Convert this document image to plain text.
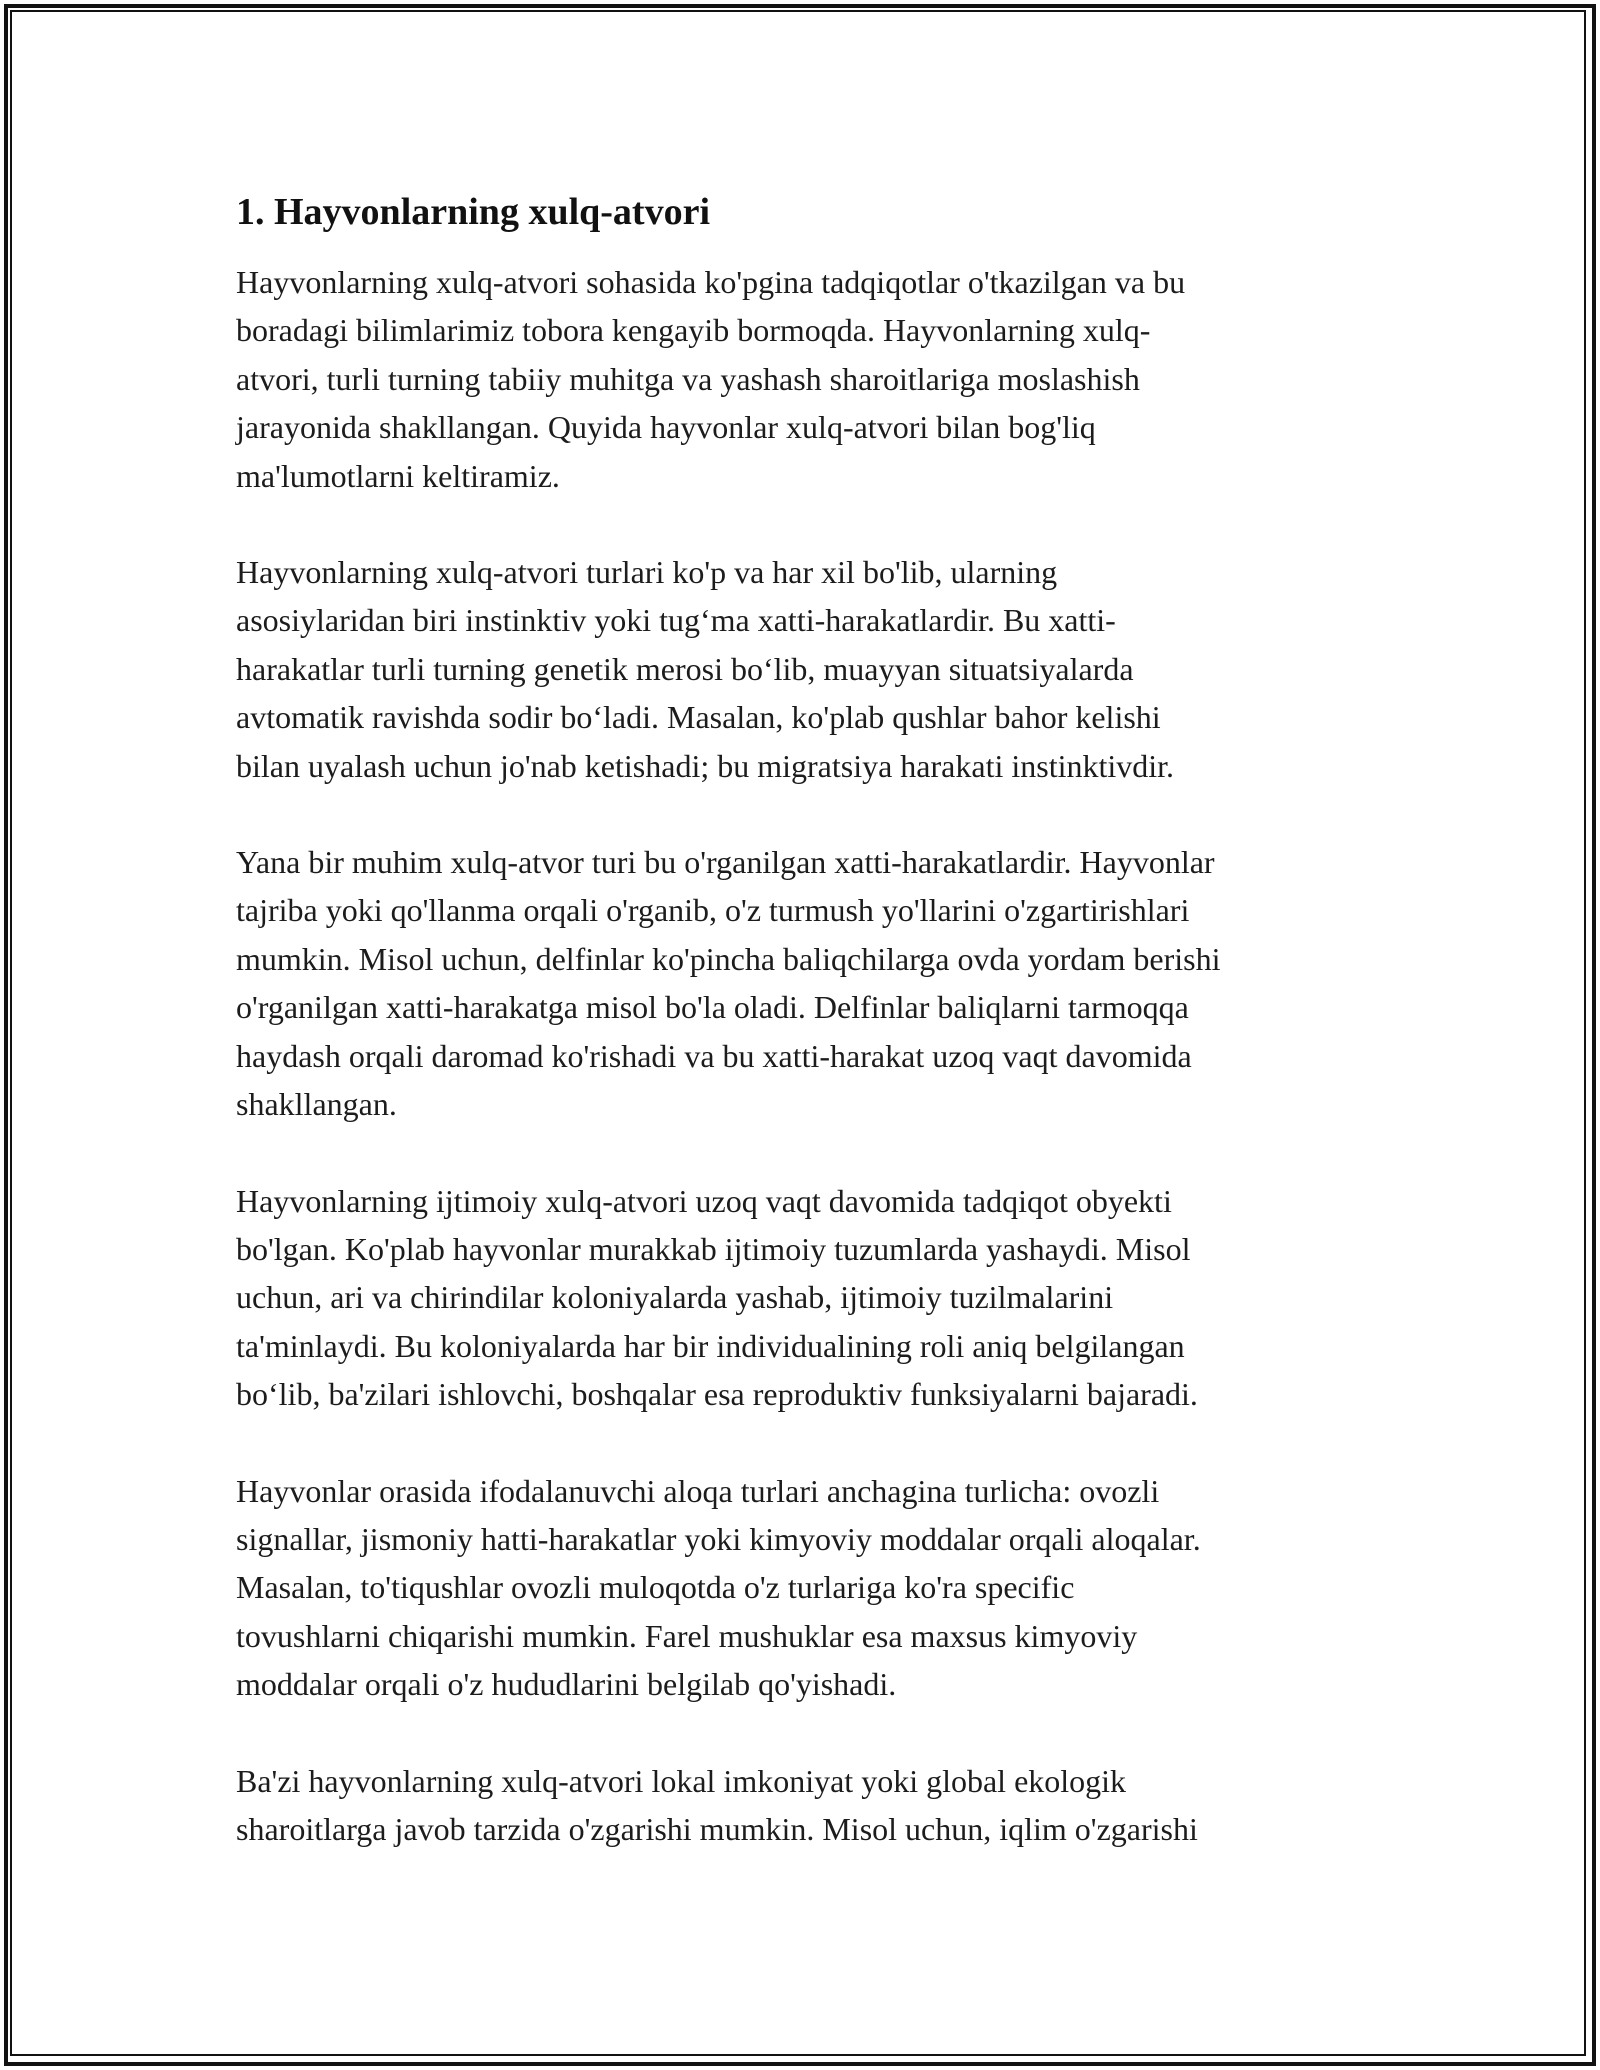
1. Hayvonlarning xulq-atvori
Hayvonlarning xulq-atvori sohasida ko'pgina tadqiqotlar o'tkazilgan va bu
boradagi bilimlarimiz tobora kengayib bormoqda. Hayvonlarning xulq-
atvori, turli turning tabiiy muhitga va yashash sharoitlariga moslashish
jarayonida shakllangan. Quyida hayvonlar xulq-atvori bilan bog'liq
ma'lumotlarni keltiramiz.
Hayvonlarning xulq-atvori turlari ko'p va har xil bo'lib, ularning
asosiylaridan biri instinktiv yoki tug‘ma xatti-harakatlardir. Bu xatti-
harakatlar turli turning genetik merosi bo‘lib, muayyan situatsiyalarda
avtomatik ravishda sodir bo‘ladi. Masalan, ko'plab qushlar bahor kelishi
bilan uyalash uchun jo'nab ketishadi; bu migratsiya harakati instinktivdir.
Yana bir muhim xulq-atvor turi bu o'rganilgan xatti-harakatlardir. Hayvonlar
tajriba yoki qo'llanma orqali o'rganib, o'z turmush yo'llarini o'zgartirishlari
mumkin. Misol uchun, delfinlar ko'pincha baliqchilarga ovda yordam berishi
o'rganilgan xatti-harakatga misol bo'la oladi. Delfinlar baliqlarni tarmoqqa
haydash orqali daromad ko'rishadi va bu xatti-harakat uzoq vaqt davomida
shakllangan.
Hayvonlarning ijtimoiy xulq-atvori uzoq vaqt davomida tadqiqot obyekti
bo'lgan. Ko'plab hayvonlar murakkab ijtimoiy tuzumlarda yashaydi. Misol
uchun, ari va chirindilar koloniyalarda yashab, ijtimoiy tuzilmalarini
ta'minlaydi. Bu koloniyalarda har bir individualining roli aniq belgilangan
bo‘lib, ba'zilari ishlovchi, boshqalar esa reproduktiv funksiyalarni bajaradi.
Hayvonlar orasida ifodalanuvchi aloqa turlari anchagina turlicha: ovozli
signallar, jismoniy hatti-harakatlar yoki kimyoviy moddalar orqali aloqalar.
Masalan, to'tiqushlar ovozli muloqotda o'z turlariga ko'ra specific
tovushlarni chiqarishi mumkin. Farel mushuklar esa maxsus kimyoviy
moddalar orqali o'z hududlarini belgilab qo'yishadi.
Ba'zi hayvonlarning xulq-atvori lokal imkoniyat yoki global ekologik
sharoitlarga javob tarzida o'zgarishi mumkin. Misol uchun, iqlim o'zgarishi
